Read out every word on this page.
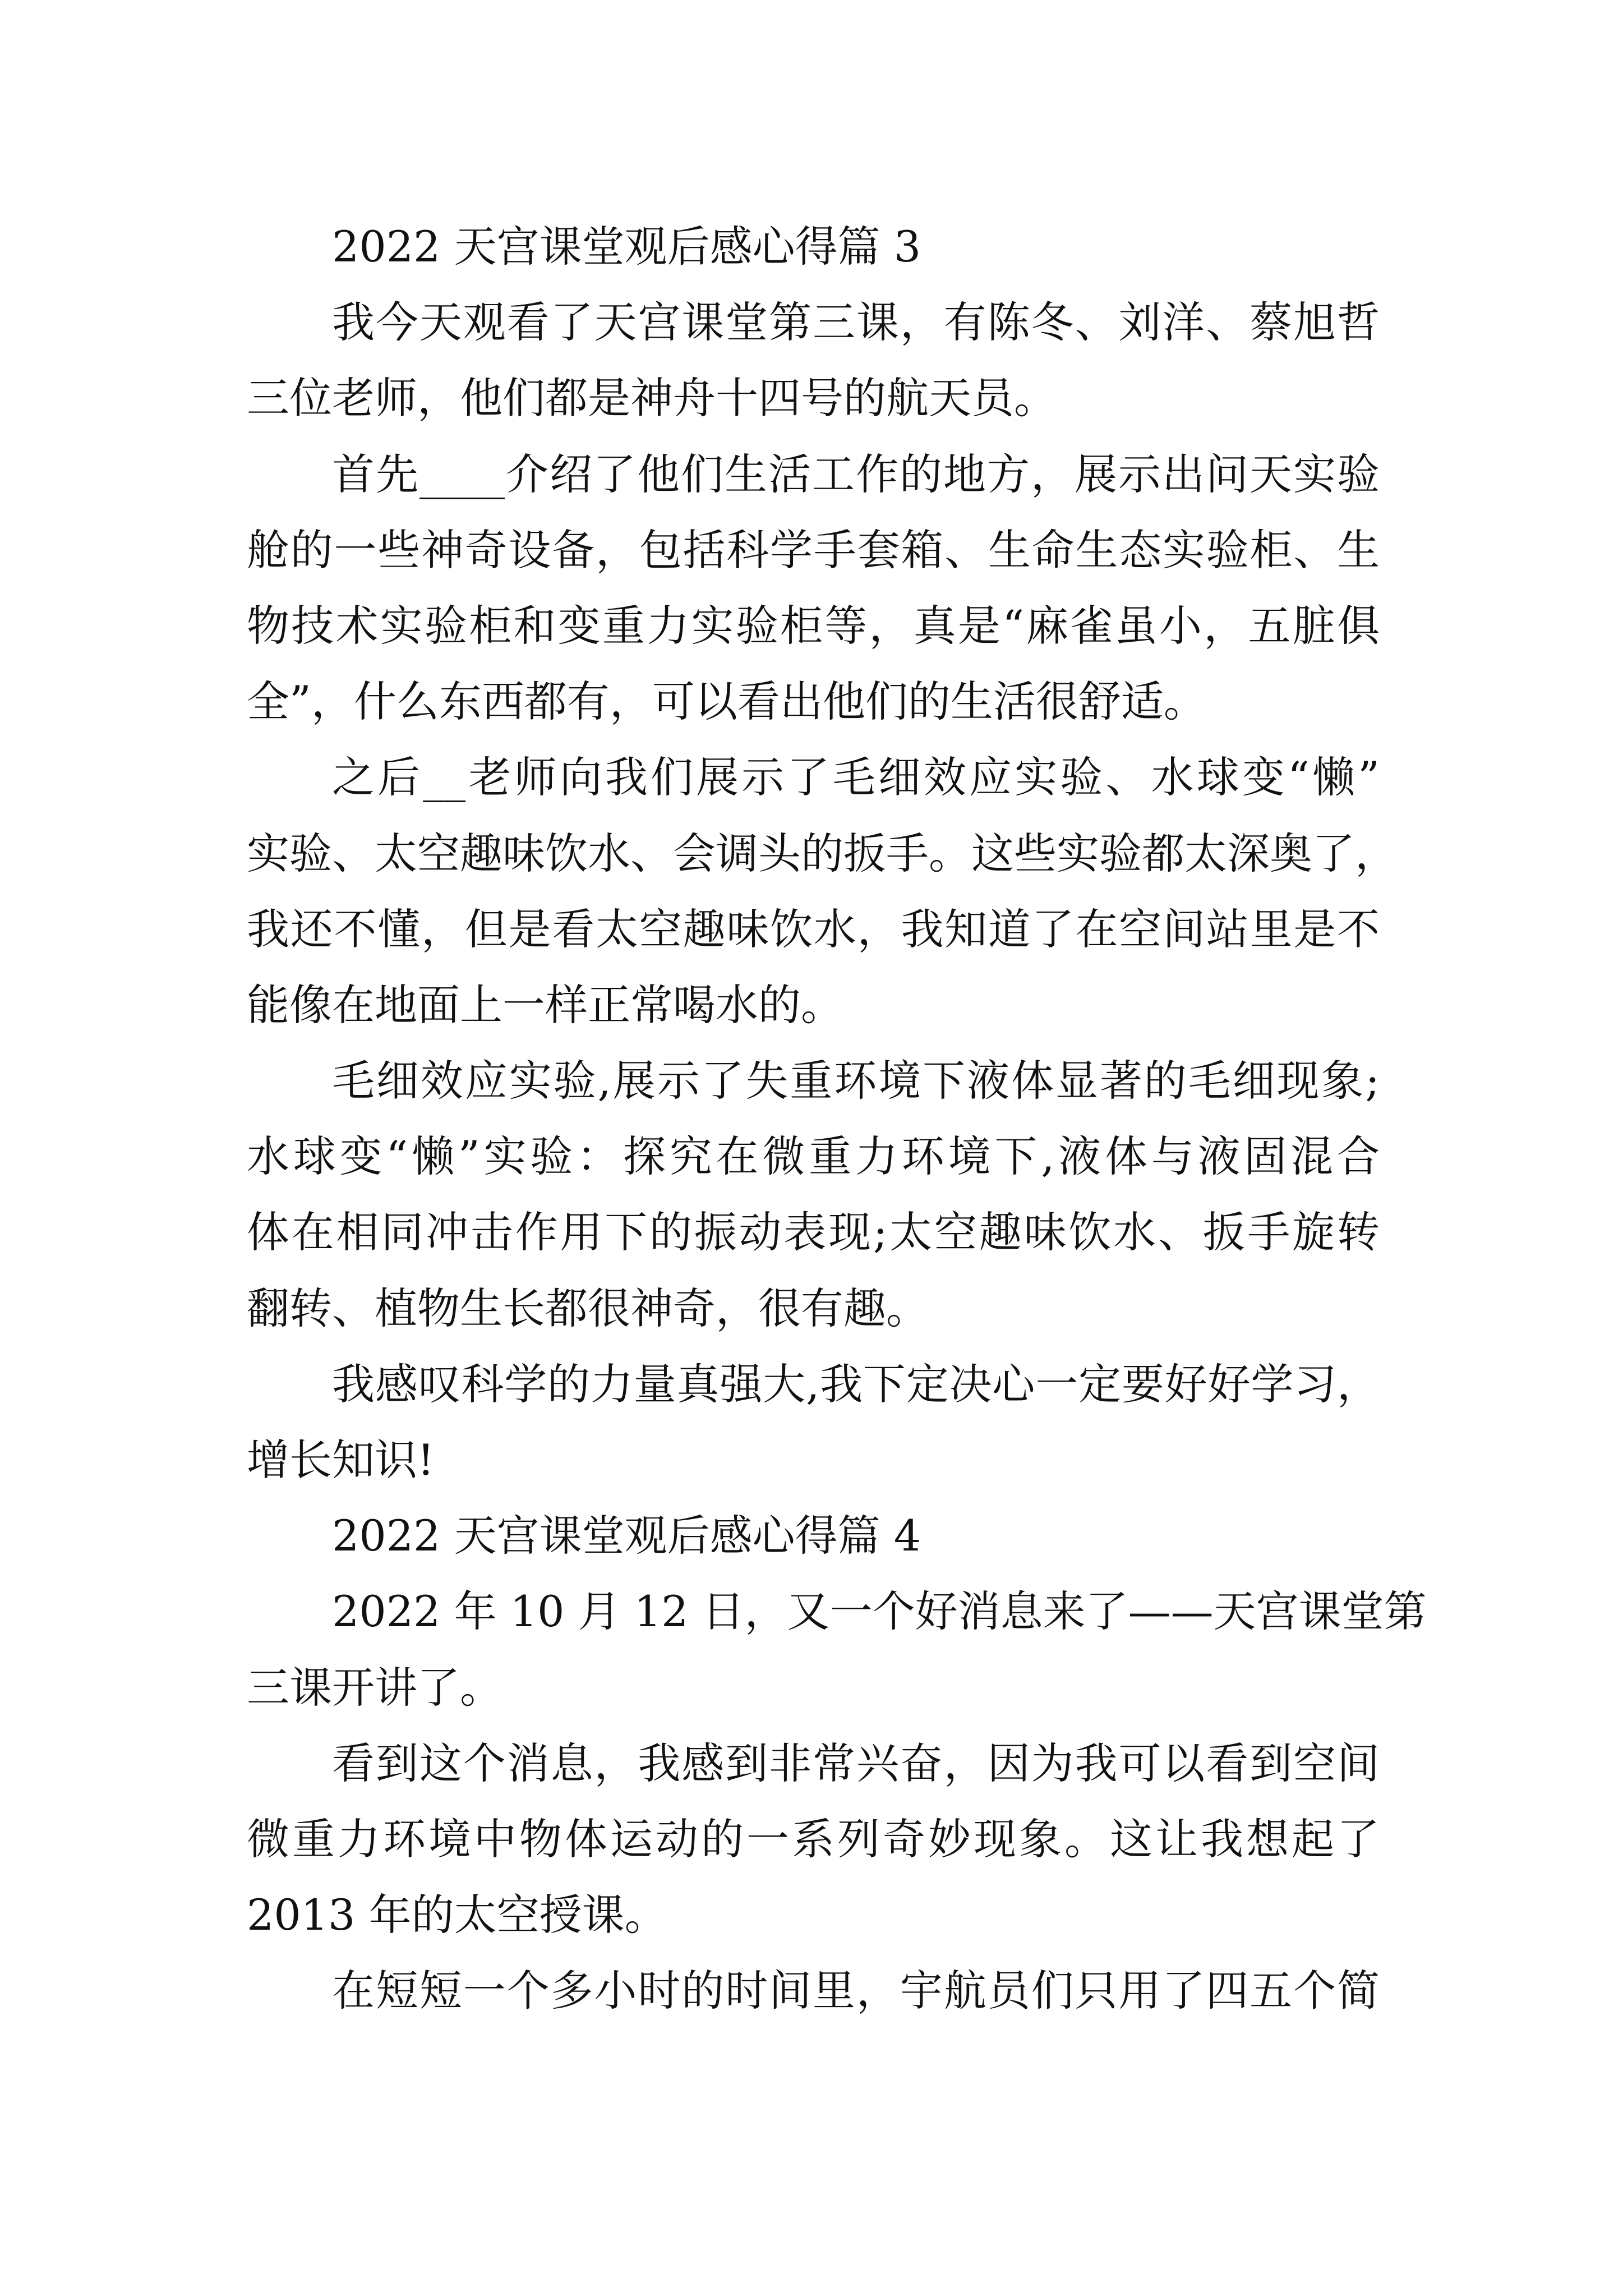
2022 天宫课堂观后感心得篇 3
我今天观看了天宫课堂第三课，有陈冬、刘洋、蔡旭哲
三位老师，他们都是神舟十四号的航天员。
首先____介绍了他们生活工作的地方，展示出问天实验
舱的一些神奇设备，包括科学手套箱、生命生态实验柜、生
物技术实验柜和变重力实验柜等，真是“麻雀虽小，五脏俱
全”，什么东西都有，可以看出他们的生活很舒适。
之后__老师向我们展示了毛细效应实验、水球变“懒”
实验、太空趣味饮水、会调头的扳手。这些实验都太深奥了，
我还不懂，但是看太空趣味饮水，我知道了在空间站里是不
能像在地面上一样正常喝水的。
毛细效应实验,展示了失重环境下液体显著的毛细现象;
水球变“懒”实验：探究在微重力环境下,液体与液固混合
体在相同冲击作用下的振动表现;太空趣味饮水、扳手旋转
翻转、植物生长都很神奇，很有趣。
我感叹科学的力量真强大,我下定决心一定要好好学习，
增长知识!
2022 天宫课堂观后感心得篇 4
2022 年 10 月 12 日，又一个好消息来了——天宫课堂第
三课开讲了。
看到这个消息，我感到非常兴奋，因为我可以看到空间
微重力环境中物体运动的一系列奇妙现象。这让我想起了
2013 年的太空授课。
在短短一个多小时的时间里，宇航员们只用了四五个简
